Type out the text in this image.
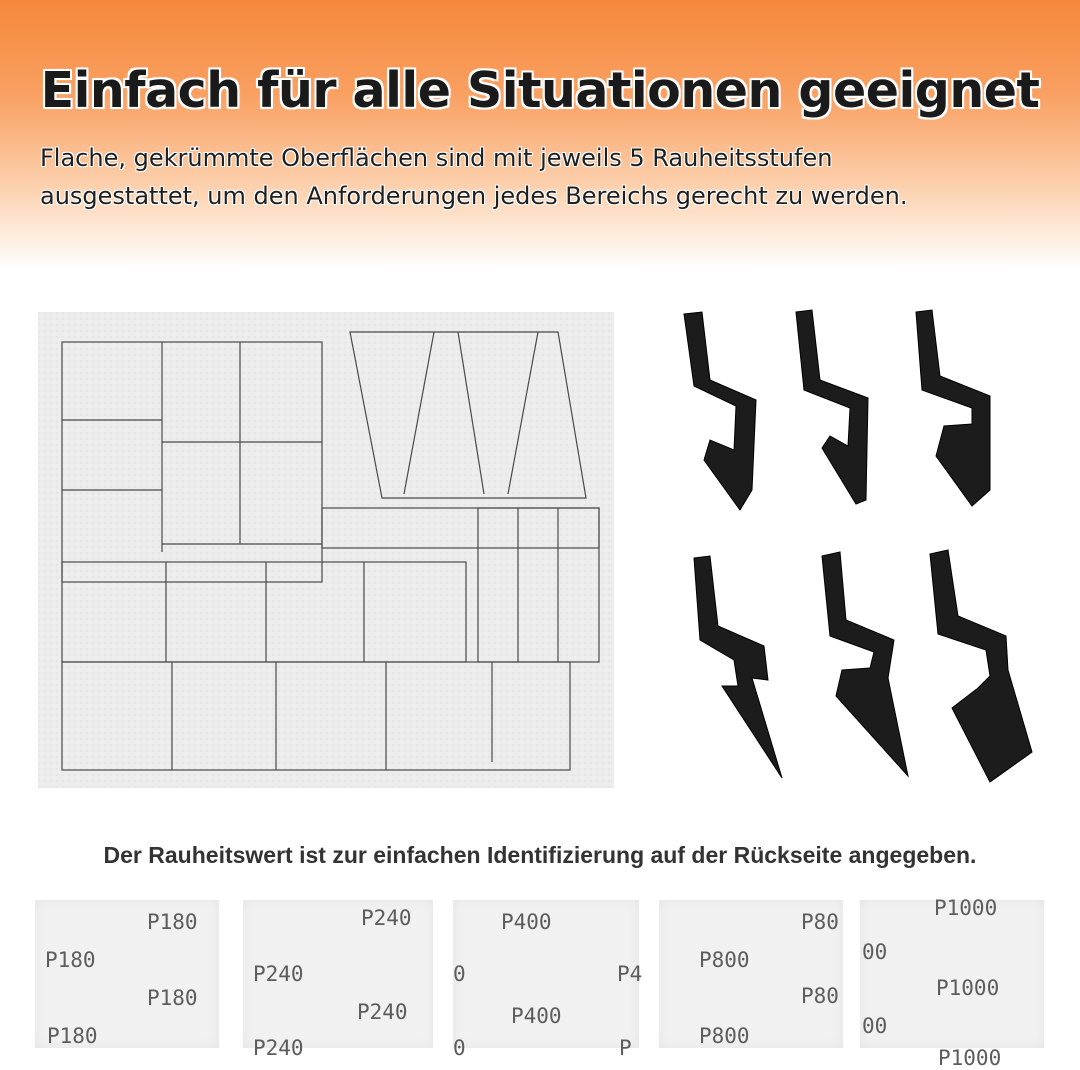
Einfach für alle Situationen geeignet
Flache, gekrümmte Oberflächen sind mit jeweils 5 Rauheitsstufen
ausgestattet, um den Anforderungen jedes Bereichs gerecht zu werden.
Der Rauheitswert ist zur einfachen Identifizierung auf der Rückseite angegeben.
P180
P180
P180
P180
P240
P240
P240
P240
P400
0	P4
P400
0	P
P80
P800
P80
P800
P1000
00
P1000
00
P1000
